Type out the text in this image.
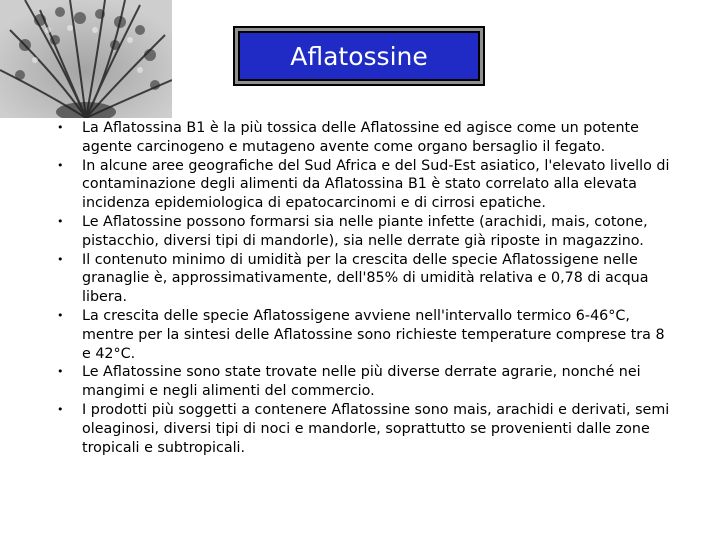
Aflatossine
• La Aflatossina B1 è la più tossica delle Aflatossine ed agisce come un potente agente carcinogeno e mutageno avente come organo bersaglio il fegato.
• In alcune aree geografiche del Sud Africa e del Sud-Est asiatico, l'elevato livello di contaminazione degli alimenti da Aflatossina B1 è stato correlato alla elevata incidenza epidemiologica di epatocarcinomi e di cirrosi epatiche.
• Le Aflatossine possono formarsi sia nelle piante infette (arachidi, mais, cotone, pistacchio, diversi tipi di mandorle), sia nelle derrate già riposte in magazzino.
• Il contenuto minimo di umidità per la crescita delle specie Aflatossigene nelle granaglie è, approssimativamente, dell'85% di umidità relativa e 0,78 di acqua libera.
• La crescita delle specie Aflatossigene avviene nell'intervallo termico 6-46°C, mentre per la sintesi delle Aflatossine sono richieste temperature comprese tra 8 e 42°C.
• Le Aflatossine sono state trovate nelle più diverse derrate agrarie, nonché nei mangimi e negli alimenti del commercio.
• I prodotti più soggetti a contenere Aflatossine sono mais, arachidi e derivati, semi oleaginosi, diversi tipi di noci e mandorle, soprattutto se provenienti dalle zone tropicali e subtropicali.
